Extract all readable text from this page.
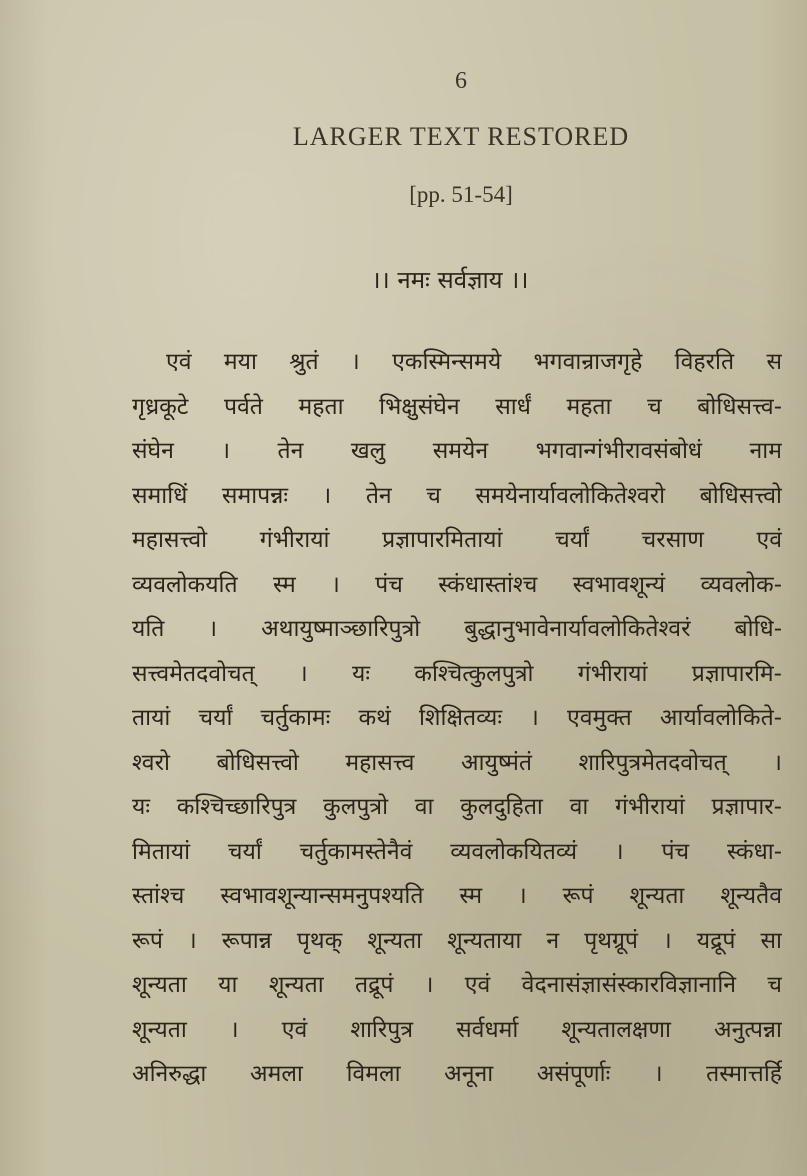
6
LARGER TEXT RESTORED
[pp. 51-54]
।। नमः सर्वज्ञाय ।।
एवं मया श्रुतं । एकस्मिन्समये भगवान्राजगृहे विहरति स
गृध्रकूटे पर्वते महता भिक्षुसंघेन सार्धं महता च बोधिसत्त्व-
संघेन । तेन खलु समयेन भगवान्गंभीरावसंबोधं नाम
समाधिं समापन्नः । तेन च समयेनार्यावलोकितेश्वरो बोधिसत्त्वो
महासत्त्वो गंभीरायां प्रज्ञापारमितायां चर्यां चरसाण एवं
व्यवलोकयति स्म । पंच स्कंधास्तांश्च स्वभावशून्यं व्यवलोक-
यति । अथायुष्माञ्छारिपुत्रो बुद्धानुभावेनार्यावलोकितेश्वरं बोधि-
सत्त्वमेतदवोचत् । यः कश्चित्कुलपुत्रो गंभीरायां प्रज्ञापारमि-
तायां चर्यां चर्तुकामः कथं शिक्षितव्यः । एवमुक्त आर्यावलोकिते-
श्वरो बोधिसत्त्वो महासत्त्व आयुष्मंतं शारिपुत्रमेतदवोचत् ।
यः कश्चिच्छारिपुत्र कुलपुत्रो वा कुलदुहिता वा गंभीरायां प्रज्ञापार-
मितायां चर्यां चर्तुकामस्तेनैवं व्यवलोकयितव्यं । पंच स्कंधा-
स्तांश्च स्वभावशून्यान्समनुपश्यति स्म । रूपं शून्यता शून्यतैव
रूपं । रूपान्न पृथक् शून्यता शून्यताया न पृथग्रूपं । यद्रूपं सा
शून्यता या शून्यता तद्रूपं । एवं वेदनासंज्ञासंस्कारविज्ञानानि च
शून्यता । एवं शारिपुत्र सर्वधर्मा शून्यतालक्षणा अनुत्पन्ना
अनिरुद्धा अमला विमला अनूना असंपूर्णाः । तस्मात्तर्हि
